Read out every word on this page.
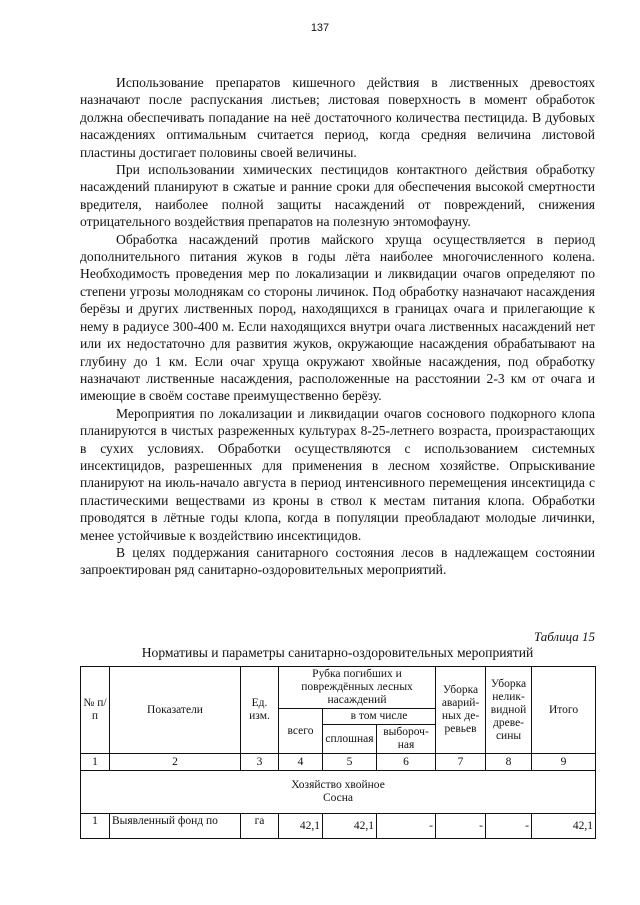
137

Использование препаратов кишечного действия в лиственных древостоях назначают после распускания листьев; листовая поверхность в момент обработок должна обеспечивать попадание на неё достаточного количества пестицида. В дубовых насаждениях оптимальным считается период, когда средняя величина листовой пластины достигает половины своей величины.

При использовании химических пестицидов контактного действия обработку насаждений планируют в сжатые и ранние сроки для обеспечения высокой смертности вредителя, наиболее полной защиты насаждений от повреждений, снижения отрицательного воздействия препаратов на полезную энтомофауну.

Обработка насаждений против майского хруща осуществляется в период дополнительного питания жуков в годы лёта наиболее многочисленного колена. Необходимость проведения мер по локализации и ликвидации очагов определяют по степени угрозы молоднякам со стороны личинок. Под обработку назначают насаждения берёзы и других лиственных пород, находящихся в границах очага и прилегающие к нему в радиусе 300-400 м. Если находящихся внутри очага лиственных насаждений нет или их недостаточно для развития жуков, окружающие насаждения обрабатывают на глубину до 1 км. Если очаг хруща окружают хвойные насаждения, под обработку назначают лиственные насаждения, расположенные на расстоянии 2-3 км от очага и имеющие в своём составе преимущественно берёзу.

Мероприятия по локализации и ликвидации очагов соснового подкорного клопа планируются в чистых разреженных культурах 8-25-летнего возраста, произрастающих в сухих условиях. Обработки осуществляются с использованием системных инсектицидов, разрешенных для применения в лесном хозяйстве. Опрыскивание планируют на июль-начало августа в период интенсивного перемещения инсектицида с пластическими веществами из кроны в ствол к местам питания клопа. Обработки проводятся в лётные годы клопа, когда в популяции преобладают молодые личинки, менее устойчивые к воздействию инсектицидов.

В целях поддержания санитарного состояния лесов в надлежащем состоянии запроектирован ряд санитарно-оздоровительных мероприятий.

Таблица 15
Нормативы и параметры санитарно-оздоровительных мероприятий
№ п/п	Показатели	Ед. изм.	Рубка погибших и повреждённых лесных насаждений			Уборка аварий-ных де-ревьев	Уборка нелик-видной древе-сины	Итого
			всего	в том числе				
				сплошная	выбороч-ная			
1	2	3	4	5	6	7	8	9

Хозяйство хвойное
Сосна								

1	Выявленный фонд по	га	42,1	42,1	-	-	-	42,1
